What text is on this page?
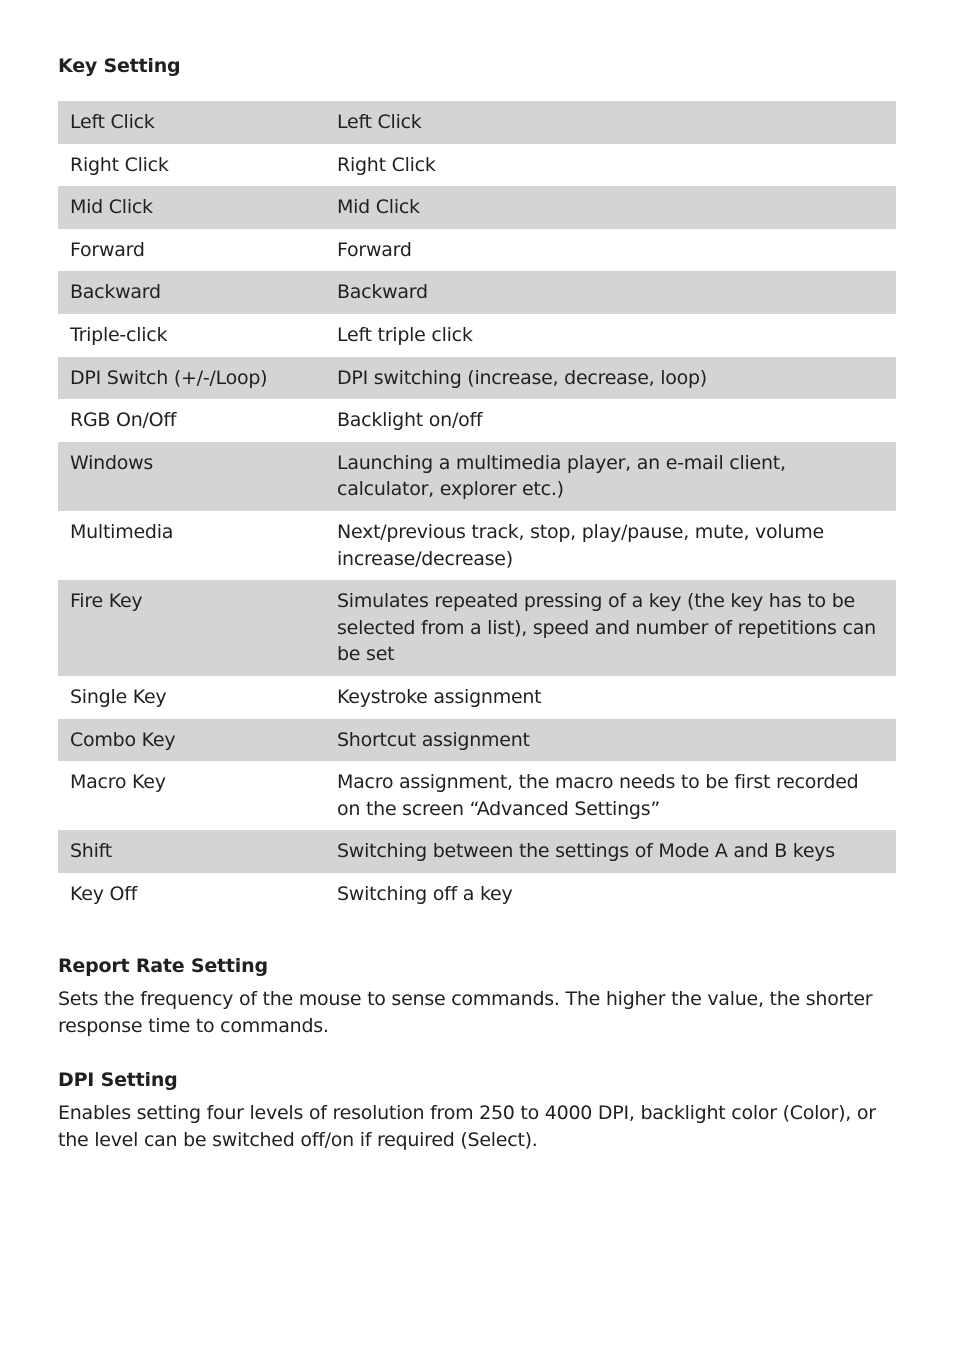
Key Setting
Left Click	Left Click
Right Click	Right Click
Mid Click	Mid Click
Forward	Forward
Backward	Backward
Triple-click	Left triple click
DPI Switch (+/-/Loop)	DPI switching (increase, decrease, loop)
RGB On/Off	Backlight on/off
Windows	Launching a multimedia player, an e-mail client, calculator, explorer etc.)
Multimedia	Next/previous track, stop, play/pause, mute, volume increase/decrease)
Fire Key	Simulates repeated pressing of a key (the key has to be selected from a list), speed and number of repetitions can be set
Single Key	Keystroke assignment
Combo Key	Shortcut assignment
Macro Key	Macro assignment, the macro needs to be first recorded on the screen “Advanced Settings”
Shift	Switching between the settings of Mode A and B keys
Key Off	Switching off a key
Report Rate Setting

Sets the frequency of the mouse to sense commands. The higher the value, the shorter response time to commands.

DPI Setting

Enables setting four levels of resolution from 250 to 4000 DPI, backlight color (Color), or the level can be switched off/on if required (Select).
